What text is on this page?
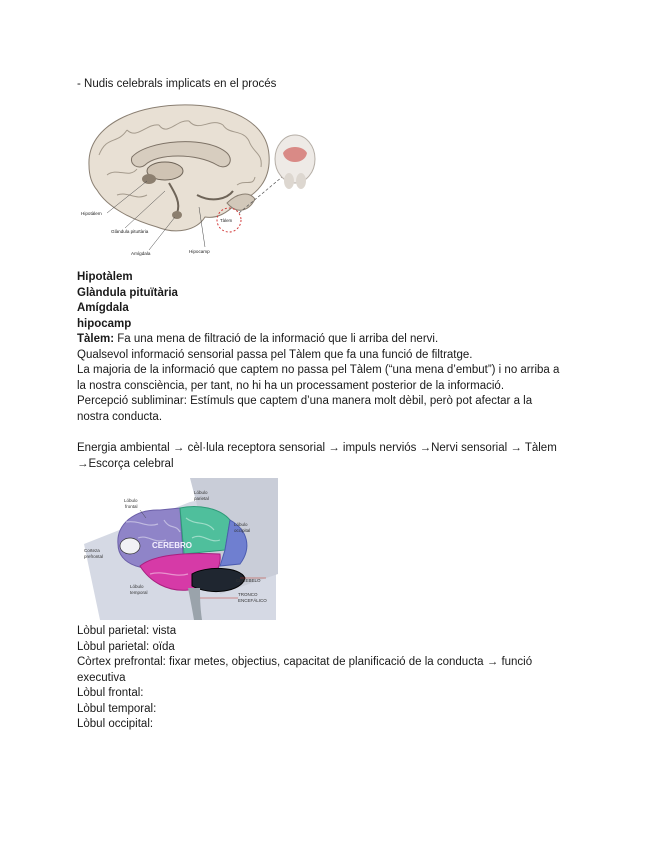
- Nudis celebrals implicats en el procés
Hipotàlem
Glàndula pituïtària
Amígdala	Hipocamp
Tàlem
Hipotàlem
Glàndula pituïtària
Amígdala
hipocamp
Tàlem: Fa una mena de filtració de la informació que li arriba del nervi.
Qualsevol informació sensorial passa pel Tàlem que fa una funció de filtratge.
La majoria de la informació que captem no passa pel Tàlem (“una mena d’embut”) i no arriba a
la nostra consciència, per tant, no hi ha un processament posterior de la informació.
Percepció subliminar: Estímuls que captem d’una manera molt dèbil, però pot afectar a la
nostra conducta.
Energia ambiental → cèl·lula receptora sensorial → impuls nerviós →Nervi sensorial → Tàlem
→Escorça celebral
CEREBRO
Lóbulo
frontal
Lóbulo
parietal
Lóbulo
occipital
Corteza
prefrontal
Lóbulo
temporal
CEREBELO
TRONCO
ENCEFÁLICO
Lòbul parietal: vista
Lòbul parietal: oïda
Còrtex prefrontal: fixar metes, objectius, capacitat de planificació de la conducta → funció
executiva
Lòbul frontal:
Lòbul temporal:
Lòbul occipital:
